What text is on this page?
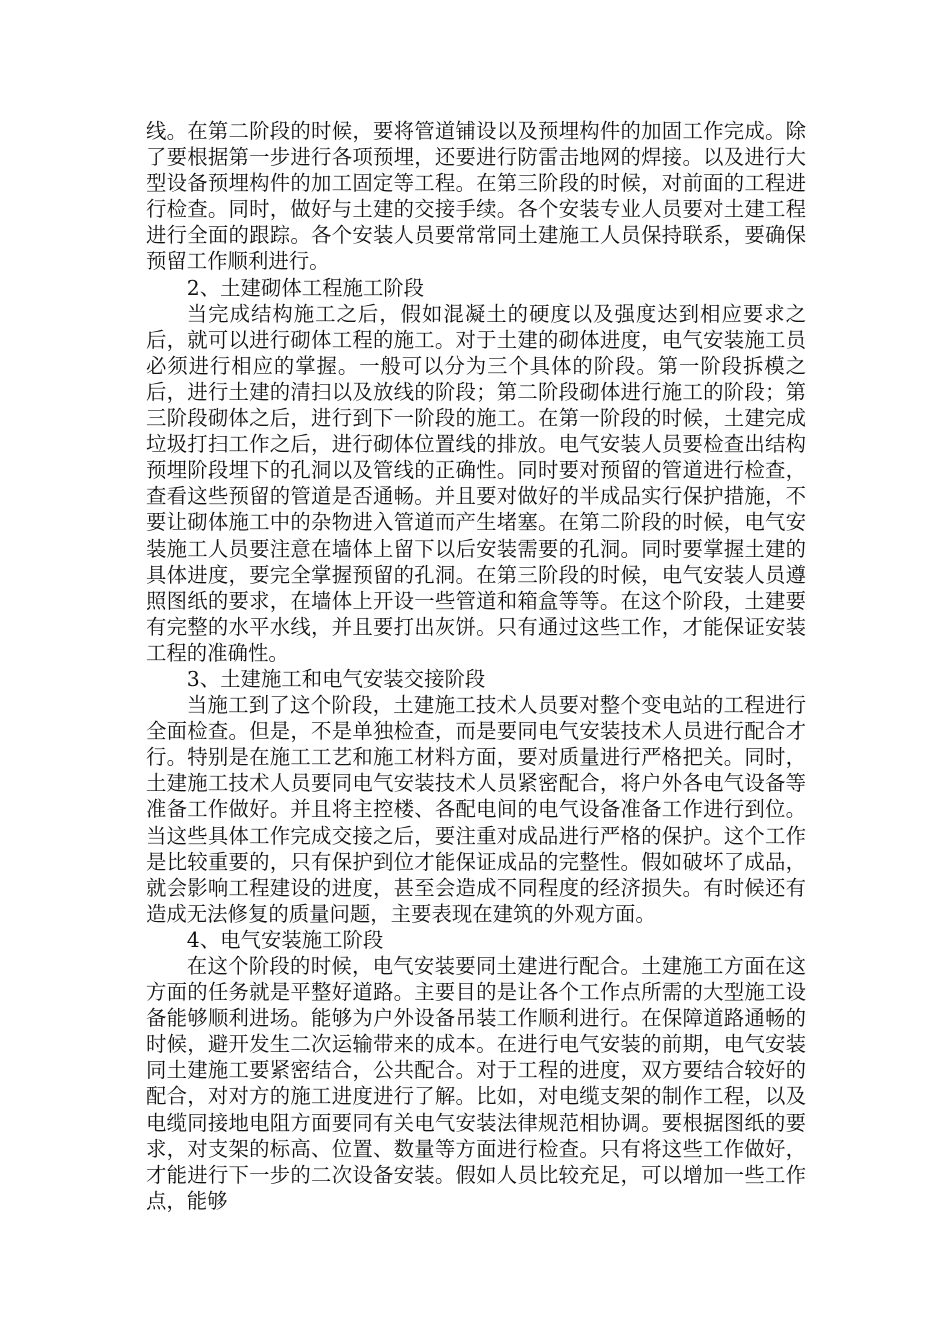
线。在第二阶段的时候，要将管道铺设以及预埋构件的加固工作完成。除了要根据第一步进行各项预埋，还要进行防雷击地网的焊接。以及进行大型设备预埋构件的加工固定等工程。在第三阶段的时候，对前面的工程进行检查。同时，做好与土建的交接手续。各个安装专业人员要对土建工程进行全面的跟踪。各个安装人员要常常同土建施工人员保持联系，要确保预留工作顺利进行。

2、土建砌体工程施工阶段

当完成结构施工之后，假如混凝土的硬度以及强度达到相应要求之后，就可以进行砌体工程的施工。对于土建的砌体进度，电气安装施工员必须进行相应的掌握。一般可以分为三个具体的阶段。第一阶段拆模之后，进行土建的清扫以及放线的阶段；第二阶段砌体进行施工的阶段；第三阶段砌体之后，进行到下一阶段的施工。在第一阶段的时候，土建完成垃圾打扫工作之后，进行砌体位置线的排放。电气安装人员要检查出结构预埋阶段埋下的孔洞以及管线的正确性。同时要对预留的管道进行检查，查看这些预留的管道是否通畅。并且要对做好的半成品实行保护措施，不要让砌体施工中的杂物进入管道而产生堵塞。在第二阶段的时候，电气安装施工人员要注意在墙体上留下以后安装需要的孔洞。同时要掌握土建的具体进度，要完全掌握预留的孔洞。在第三阶段的时候，电气安装人员遵照图纸的要求，在墙体上开设一些管道和箱盒等等。在这个阶段，土建要有完整的水平水线，并且要打出灰饼。只有通过这些工作，才能保证安装工程的准确性。

3、土建施工和电气安装交接阶段

当施工到了这个阶段，土建施工技术人员要对整个变电站的工程进行全面检查。但是，不是单独检查，而是要同电气安装技术人员进行配合才行。特别是在施工工艺和施工材料方面，要对质量进行严格把关。同时，土建施工技术人员要同电气安装技术人员紧密配合，将户外各电气设备等准备工作做好。并且将主控楼、各配电间的电气设备准备工作进行到位。当这些具体工作完成交接之后，要注重对成品进行严格的保护。这个工作是比较重要的，只有保护到位才能保证成品的完整性。假如破坏了成品，就会影响工程建设的进度，甚至会造成不同程度的经济损失。有时候还有造成无法修复的质量问题，主要表现在建筑的外观方面。

4、电气安装施工阶段

在这个阶段的时候，电气安装要同土建进行配合。土建施工方面在这方面的任务就是平整好道路。主要目的是让各个工作点所需的大型施工设备能够顺利进场。能够为户外设备吊装工作顺利进行。在保障道路通畅的时候，避开发生二次运输带来的成本。在进行电气安装的前期，电气安装同土建施工要紧密结合，公共配合。对于工程的进度，双方要结合较好的配合，对对方的施工进度进行了解。比如，对电缆支架的制作工程，以及电缆同接地电阻方面要同有关电气安装法律规范相协调。要根据图纸的要求，对支架的标高、位置、数量等方面进行检查。只有将这些工作做好，才能进行下一步的二次设备安装。假如人员比较充足，可以增加一些工作点，能够
